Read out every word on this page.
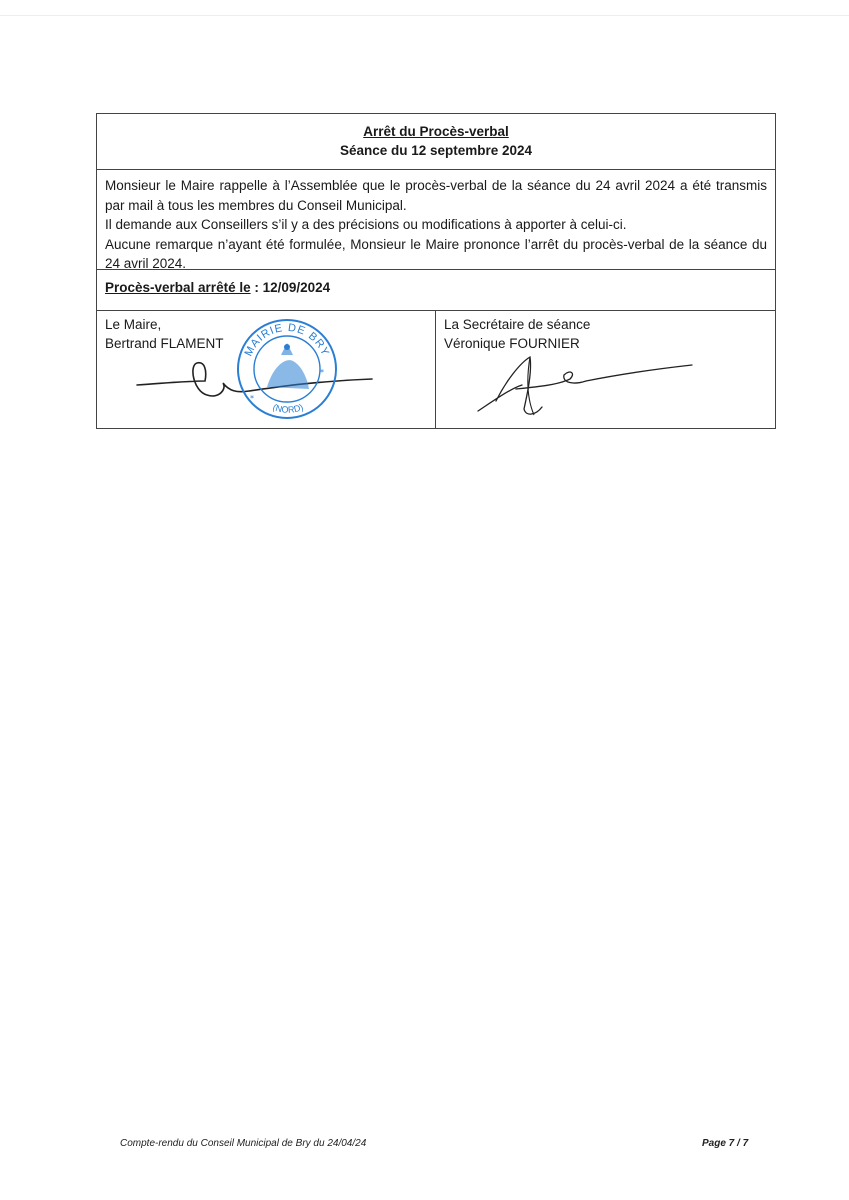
Arrêt du Procès-verbal
Séance du 12 septembre 2024

Monsieur le Maire rappelle à l’Assemblée que le procès-verbal de la séance du 24 avril 2024 a été transmis par mail à tous les membres du Conseil Municipal.

Il demande aux Conseillers s’il y a des précisions ou modifications à apporter à celui-ci.

Aucune remarque n’ayant été formulée, Monsieur le Maire prononce l’arrêt du procès-verbal de la séance du 24 avril 2024.

Procès-verbal arrêté le : 12/09/2024
Le Maire,
Bertrand FLAMENT	MAIRIE DE BRY
(NORD)
*
*
La Secrétaire de séance
Véronique FOURNIER
Compte-rendu du Conseil Municipal de Bry du 24/04/24	Page 7 / 7
